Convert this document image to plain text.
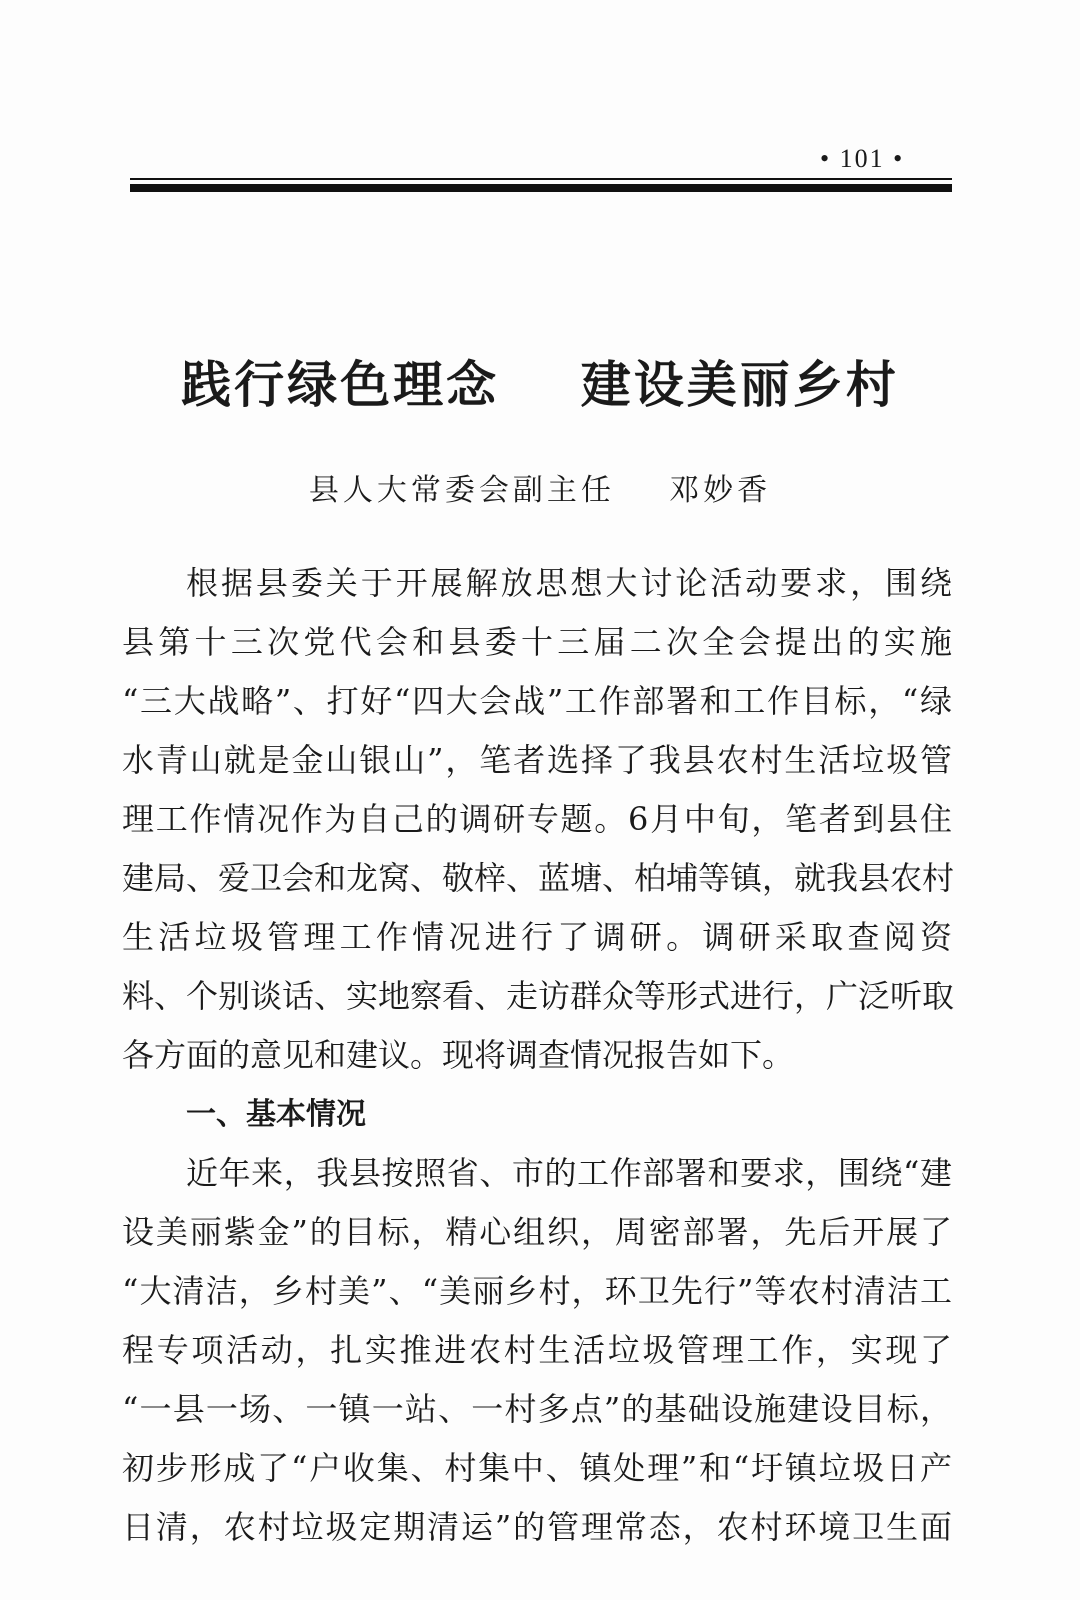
• 101 •
践行绿色理念    建设美丽乡村
县人大常委会副主任    邓妙香
根据县委关于开展解放思想大讨论活动要求，围绕
县第十三次党代会和县委十三届二次全会提出的实施
“三大战略”、打好“四大会战”工作部署和工作目标，“绿
水青山就是金山银山”，笔者选择了我县农村生活垃圾管
理工作情况作为自己的调研专题。6月中旬，笔者到县住
建局、爱卫会和龙窝、敬梓、蓝塘、柏埔等镇，就我县农村
生活垃圾管理工作情况进行了调研。调研采取查阅资
料、个别谈话、实地察看、走访群众等形式进行，广泛听取
各方面的意见和建议。现将调查情况报告如下。
一、基本情况
近年来，我县按照省、市的工作部署和要求，围绕“建
设美丽紫金”的目标，精心组织，周密部署，先后开展了
“大清洁，乡村美”、“美丽乡村，环卫先行”等农村清洁工
程专项活动，扎实推进农村生活垃圾管理工作，实现了
“一县一场、一镇一站、一村多点”的基础设施建设目标，
初步形成了“户收集、村集中、镇处理”和“圩镇垃圾日产
日清，农村垃圾定期清运”的管理常态，农村环境卫生面
